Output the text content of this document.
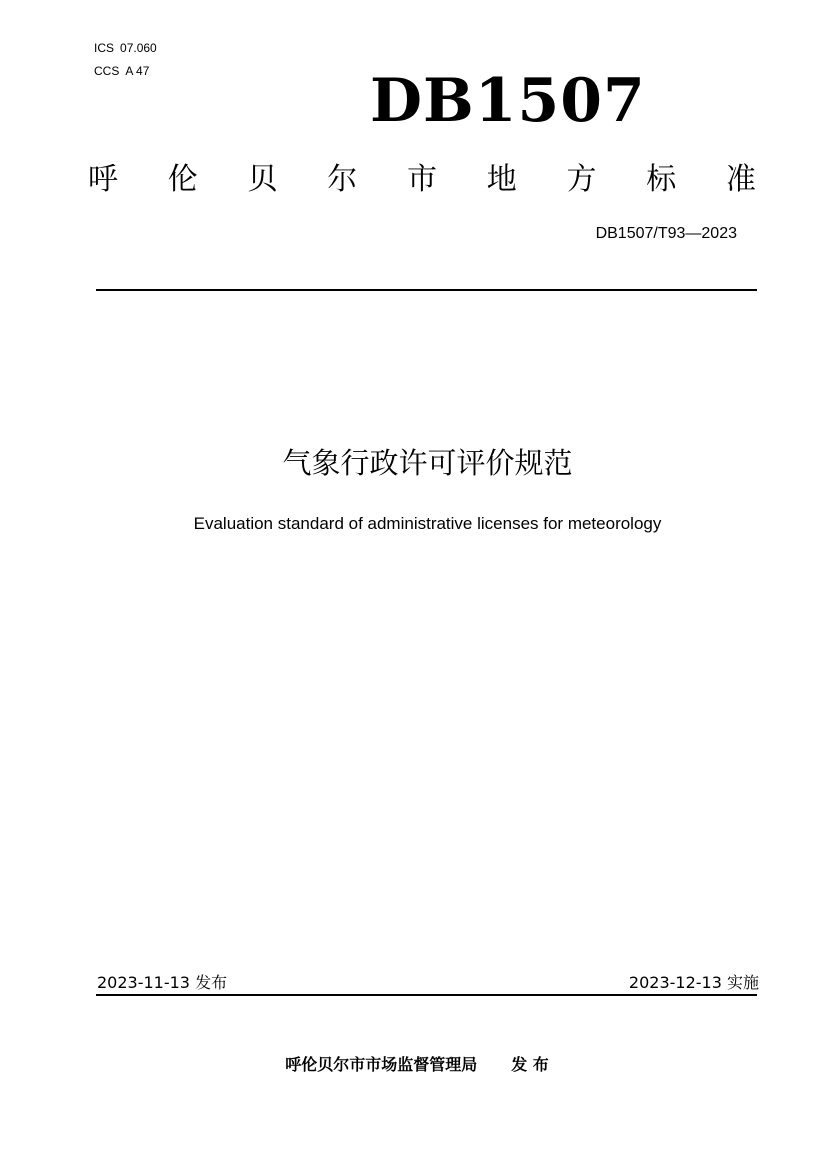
ICS 07.060
CCS A 47	DB1507
呼 伦 贝 尔 市 地 方 标 准
DB1507/T93—2023
气象行政许可评价规范
Evaluation standard of administrative licenses for meteorology
2023-11-13 发布	2023-12-13 实施
呼伦贝尔市市场监督管理局 发 布
